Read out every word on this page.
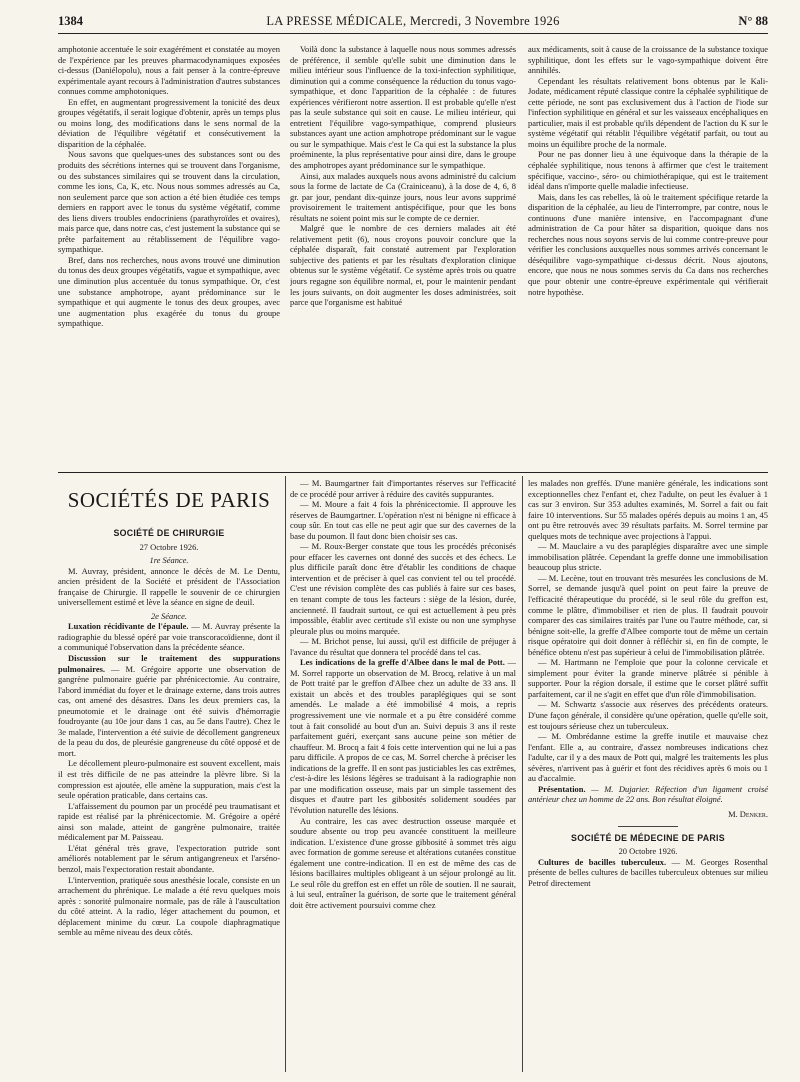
1384	LA PRESSE MÉDICALE, Mercredi, 3 Novembre 1926	N° 88

amphotonie accentuée le soir exagérément et constatée au moyen de l'expérience par les preuves pharmacodynamiques exposées ci-dessus (Daniélopolu), nous a fait penser à la contre-épreuve expérimentale ayant recours à l'administration d'autres substances connues comme amphotoniques.

En effet, en augmentant progressivement la tonicité des deux groupes végétatifs, il serait logique d'obtenir, après un temps plus ou moins long, des modifications dans le sens normal de la déviation de l'équilibre végétatif et consécutivement la disparition de la céphalée.

Nous savons que quelques-unes des substances sont ou des produits des sécrétions internes qui se trouvent dans l'organisme, ou des substances similaires qui se trouvent dans la circulation, comme les ions, Ca, K, etc. Nous nous sommes adressés au Ca, non seulement parce que son action a été bien étudiée ces temps derniers en rapport avec le tonus du système végétatif, comme des liens divers troubles endocriniens (parathyroïdes et ovaires), mais parce que, dans notre cas, c'est justement la substance qui se prête parfaitement au rétablissement de l'équilibre vago-sympathique.

Bref, dans nos recherches, nous avons trouvé une diminution du tonus des deux groupes végétatifs, vague et sympathique, avec une diminution plus accentuée du tonus sympathique. Or, c'est une substance amphotrope, ayant prédominance sur le sympathique et qui augmente le tonus des deux groupes, avec une augmentation plus exagérée du tonus du groupe sympathique.

Voilà donc la substance à laquelle nous nous sommes adressés de préférence, il semble qu'elle subit une diminution dans le milieu intérieur sous l'influence de la toxi-infection syphilitique, diminution qui a comme conséquence la réduction du tonus vago-sympathique, et donc l'apparition de la céphalée : de futures expériences vérifieront notre assertion. Il est probable qu'elle n'est pas la seule substance qui soit en cause. Le milieu intérieur, qui entretient l'équilibre vago-sympathique, comprend plusieurs substances ayant une action amphotrope prédominant sur le vague ou sur le sympathique. Mais c'est le Ca qui est la substance la plus proéminente, la plus représentative pour ainsi dire, dans le groupe des amphotropes ayant prédominance sur le sympathique.

Ainsi, aux malades auxquels nous avons administré du calcium sous la forme de lactate de Ca (Crainiceanu), à la dose de 4, 6, 8 gr. par jour, pendant dix-quinze jours, nous leur avons supprimé provisoirement le traitement antispécifique, pour que les bons résultats ne soient point mis sur le compte de ce dernier.

Malgré que le nombre de ces derniers malades ait été relativement petit (6), nous croyons pouvoir conclure que la céphalée disparaît, fait constaté autrement par l'exploration subjective des patients et par les résultats d'exploration clinique obtenus sur le système végétatif. Ce système après trois ou quatre jours regagne son équilibre normal, et, pour le maintenir pendant les jours suivants, on doit augmenter les doses administrées, soit parce que l'organisme est habitué

aux médicaments, soit à cause de la croissance de la substance toxique syphilitique, dont les effets sur le vago-sympathique doivent être annihilés.

Cependant les résultats relativement bons obtenus par le Kali-Jodate, médicament réputé classique contre la céphalée syphilitique de cette période, ne sont pas exclusivement dus à l'action de l'iode sur l'infection syphilitique en général et sur les vaisseaux encéphaliques en particulier, mais il est probable qu'ils dépendent de l'action du K sur le système végétatif qui rétablit l'équilibre végétatif parfait, ou tout au moins un équilibre proche de la normale.

Pour ne pas donner lieu à une équivoque dans la thérapie de la céphalée syphilitique, nous tenons à affirmer que c'est le traitement spécifique, vaccino-, séro- ou chimiothérapique, qui est le traitement idéal dans n'importe quelle maladie infectieuse.

Mais, dans les cas rebelles, là où le traitement spécifique retarde la disparition de la céphalée, au lieu de l'interrompre, par contre, nous le continuons d'une manière intensive, en l'accompagnant d'une administration de Ca pour hâter sa disparition, quoique dans nos recherches nous nous soyons servis de lui comme contre-preuve pour vérifier les conclusions auxquelles nous sommes arrivés concernant le déséquilibre vago-sympathique ci-dessus décrit. Nous ajoutons, encore, que nous ne nous sommes servis du Ca dans nos recherches que pour obtenir une contre-épreuve expérimentale qui vérifierait notre hypothèse.

SOCIÉTÉS DE PARIS
SOCIÉTÉ DE CHIRURGIE

27 Octobre 1926.

1re Séance.

M. Auvray, président, annonce le décès de M. Le Dentu, ancien président de la Société et président de l'Association française de Chirurgie. Il rappelle le souvenir de ce chirurgien universellement estimé et lève la séance en signe de deuil.

2e Séance.

Luxation récidivante de l'épaule. — M. Auvray présente la radiographie du blessé opéré par voie transcoracoïdienne, dont il a communiqué l'observation dans la précédente séance.

Discussion sur le traitement des suppurations pulmonaires. — M. Grégoire apporte une observation de gangrène pulmonaire guérie par phrénicectomie. Au contraire, l'abord immédiat du foyer et le drainage externe, dans trois autres cas, ont amené des désastres. Dans les deux premiers cas, la pneumotomie et le drainage ont été suivis d'hémorragie foudroyante (au 10e jour dans 1 cas, au 5e dans l'autre). Chez le 3e malade, l'intervention a été suivie de décollement gangreneux de la peau du dos, de pleurésie gangreneuse du côté opposé et de mort.

Le décollement pleuro-pulmonaire est souvent excellent, mais il est très difficile de ne pas atteindre la plèvre libre. Si la compression est ajoutée, elle amène la suppuration, mais c'est la seule opération praticable, dans certains cas.

L'affaissement du poumon par un procédé peu traumatisant et rapide est réalisé par la phrénicectomie. M. Grégoire a opéré ainsi son malade, atteint de gangrène pulmonaire, traitée médicalement par M. Paisseau.

L'état général très grave, l'expectoration putride sont améliorés notablement par le sérum antigangreneux et l'arséno-benzol, mais l'expectoration restait abondante.

L'intervention, pratiquée sous anesthésie locale, consiste en un arrachement du phrénique. Le malade a été revu quelques mois après : sonorité pulmonaire normale, pas de râle à l'auscultation du côté atteint. A la radio, léger attachement du poumon, et déplacement minime du cœur. La coupole diaphragmatique semble au même niveau des deux côtés.

— M. Baumgartner fait d'importantes réserves sur l'efficacité de ce procédé pour arriver à réduire des cavités suppurantes.

— M. Moure a fait 4 fois la phrénicectomie. Il approuve les réserves de Baumgartner. L'opération n'est ni bénigne ni efficace à coup sûr. En tout cas elle ne peut agir que sur des cavernes de la base du poumon. Il faut donc bien choisir ses cas.

— M. Roux-Berger constate que tous les procédés préconisés pour effacer les cavernes ont donné des succès et des échecs. Le plus difficile paraît donc être d'établir les conditions de chaque intervention et de préciser à quel cas convient tel ou tel procédé. C'est une révision complète des cas publiés à faire sur ces bases, en tenant compte de tous les facteurs : siège de la lésion, durée, ancienneté. Il faudrait surtout, ce qui est actuellement à peu près impossible, établir avec certitude s'il existe ou non une symphyse pleurale plus ou moins marquée.

— M. Brichot pense, lui aussi, qu'il est difficile de préjuger à l'avance du résultat que donnera tel procédé dans tel cas.

Les indications de la greffe d'Albee dans le mal de Pott. — M. Sorrel rapporte un observation de M. Brocq, relative à un mal de Pott traité par le greffon d'Albee chez un adulte de 33 ans. Il existait un abcès et des troubles paraplégiques qui se sont amendés. Le malade a été immobilisé 4 mois, a repris progressivement une vie normale et a pu être considéré comme tout à fait consolidé au bout d'un an. Suivi depuis 3 ans il reste parfaitement guéri, exerçant sans aucune peine son métier de chauffeur. M. Brocq a fait 4 fois cette intervention qui ne lui a pas paru difficile. A propos de ce cas, M. Sorrel cherche à préciser les indications de la greffe. Il en sont pas justiciables les cas extrêmes, c'est-à-dire les lésions légères se traduisant à la radiographie non par une modification osseuse, mais par un simple tassement des disques et d'autre part les gibbosités solidement soudées par l'évolution naturelle des lésions.

Au contraire, les cas avec destruction osseuse marquée et soudure absente ou trop peu avancée constituent la meilleure indication. L'existence d'une grosse gibbosité à sommet très aigu avec formation de gomme sereuse et altérations cutanées constitue également une contre-indication. Il en est de même des cas de lésions bacillaires multiples obligeant à un séjour prolongé au lit. Le seul rôle du greffon est en effet un rôle de soutien. Il ne saurait, à lui seul, entraîner la guérison, de sorte que le traitement général doit être activement poursuivi comme chez

les malades non greffés. D'une manière générale, les indications sont exceptionnelles chez l'enfant et, chez l'adulte, on peut les évaluer à 1 cas sur 3 environ. Sur 353 adultes examinés, M. Sorrel a fait ou fait faire 10 interventions. Sur 55 malades opérés depuis au moins 1 an, 45 ont pu être retrouvés avec 39 résultats parfaits. M. Sorrel termine par quelques mots de technique avec projections à l'appui.

— M. Mauclaire a vu des paraplégies disparaître avec une simple immobilisation plâtrée. Cependant la greffe donne une immobilisation beaucoup plus stricte.

— M. Lecène, tout en trouvant très mesurées les conclusions de M. Sorrel, se demande jusqu'à quel point on peut faire la preuve de l'efficacité thérapeutique du procédé, si le seul rôle du greffon est, comme le plâtre, d'immobiliser et rien de plus. Il faudrait pouvoir comparer des cas similaires traités par l'une ou l'autre méthode, car, si bénigne soit-elle, la greffe d'Albee comporte tout de même un certain risque opératoire qui doit donner à réfléchir si, en fin de compte, le bénéfice obtenu n'est pas supérieur à celui de l'immobilisation plâtrée.

— M. Hartmann ne l'emploie que pour la colonne cervicale et simplement pour éviter la grande minerve plâtrée si pénible à supporter. Pour la région dorsale, il estime que le corset plâtré suffit parfaitement, car il ne s'agit en effet que d'un rôle d'immobilisation.

— M. Schwartz s'associe aux réserves des précédents orateurs. D'une façon générale, il considère qu'une opération, quelle qu'elle soit, est toujours sérieuse chez un tuberculeux.

— M. Ombrédanne estime la greffe inutile et mauvaise chez l'enfant. Elle a, au contraire, d'assez nombreuses indications chez l'adulte, car il y a des maux de Pott qui, malgré les traitements les plus sévères, n'arrivent pas à guérir et font des récidives après 6 mois ou 1 au d'accalmie.

Présentation. — M. Dujarier. Réfection d'un ligament croisé antérieur chez un homme de 22 ans. Bon résultat éloigné.

M. Denker.

SOCIÉTÉ DE MÉDECINE DE PARIS

20 Octobre 1926.

Cultures de bacilles tuberculeux. — M. Georges Rosenthal présente de belles cultures de bacilles tuberculeux obtenues sur milieu Petrof directement
